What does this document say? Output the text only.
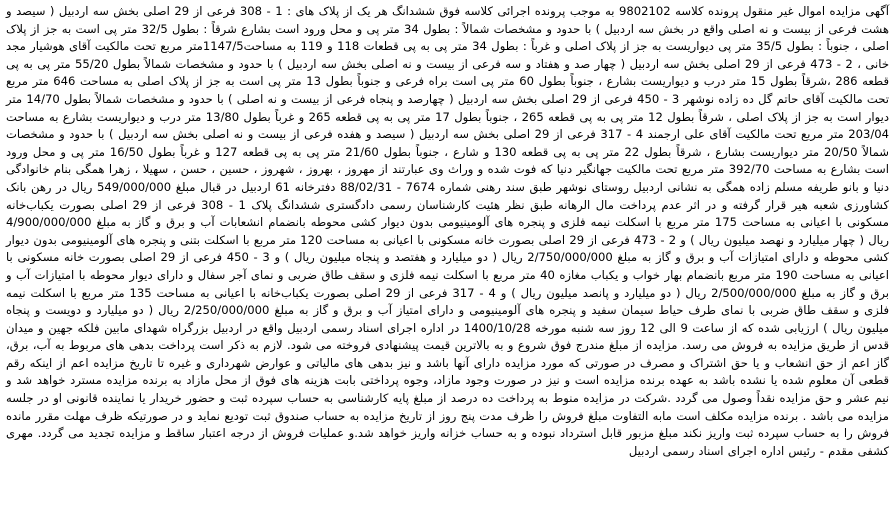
آگهی مزایده اموال غیر منقول پرونده کلاسه 9802102 به موجب پرونده اجرائی کلاسه فوق ششدانگ هر یک از پلاک های : 1 - 308 فرعی از 29 اصلی بخش سه اردبیل ( سیصد و هشت فرعی از بیست و نه اصلی واقع در بخش سه اردبیل ) با حدود و مشخصات شمالاً : بطول 34 متر پی و محل ورود است بشارع شرقاً : بطول 32/5 متر پی است به جز از پلاک اصلی ، جنوباً : بطول 35/5 متر پی دیواریست به جز از پلاک اصلی و غرباً : بطول 34 متر پی به پی قطعات 118 و 119 به مساحت1147/5متر مربع تحت مالکیت آقای هوشیار مجد خانی ، 2 - 473 فرعی از 29 اصلی بخش سه اردبیل ( چهار صد و هفتاد و سه فرعی از بیست و نه اصلی بخش سه اردبیل ) با حدود و مشخصات شمالاً بطول 55/20 متر پی به پی قطعه 286 ،شرقاً بطول 15 متر درب و دیواریست بشارع ، جنوباً بطول 60 متر پی است براه فرعی و جنوباً بطول 13 متر پی است به جز از پلاک اصلی به مساحت 646 متر مربع تحت مالکیت آقای حاتم گل ده زاده نوشهر 3 - 450 فرعی از 29 اصلی بخش سه اردبیل ( چهارصد و پنجاه فرعی از بیست و نه اصلی ) با حدود و مشخصات شمالاً بطول 14/70 متر دیوار است به جز از پلاک اصلی ، شرقاً بطول 12 متر پی به پی قطعه 265 ، جنوباً بطول 17 متر پی به پی قطعه 265 و غرباً بطول 13/80 متر درب و دیواریست بشارع به مساحت 203/04 متر مربع تحت مالکیت آقای علی ارجمند 4 - 317 فرعی از 29 اصلی بخش سه اردبیل ( سیصد و هفده فرعی از بیست و نه اصلی بخش سه اردبیل ) با حدود و مشخصات شمالاً 20/50 متر دیواریست بشارع ، شرقاً بطول 22 متر پی به پی قطعه 130 و شارع ، جنوباً بطول 21/60 متر پی به پی قطعه 127 و غرباً بطول 16/50 متر پی و محل ورود است بشارع به مساحت 392/70 متر مربع تحت مالکیت جهانگیر دنیا که فوت شده و وراث وی عبارتند از مهروز ، بهروز ، شهروز ، حسین ، حسن ، سهیلا ، زهرا همگی بنام خانوادگی دنیا و بانو طریفه مسلم زاده همگی به نشانی اردبیل روستای نوشهر طبق سند رهنی شماره 7674 - 88/02/31 دفترخانه 61 اردبیل در قبال مبلغ 549/000/000 ریال در رهن بانک کشاورزی شعبه هیر قرار گرفته و در اثر عدم پرداخت مال الرهانه طبق نظر هئیت کارشناسان رسمی دادگستری ششدانگ پلاک 1 - 308 فرعی از 29 اصلی بصورت یکباب‌خانه مسکونی با اعیانی به مساحت 175 متر مربع با اسکلت نیمه فلزی و پنجره های آلومینیومی بدون دیوار کشی محوطه بانضمام انشعابات آب و برق و گاز به مبلغ 4/900/000/000 ریال ( چهار میلیارد و نهصد میلیون ریال ) و 2 - 473 فرعی از 29 اصلی بصورت خانه مسکونی با اعیانی به مساحت 120 متر مربع با اسکلت بتنی و پنجره های آلومینیومی بدون دیوار کشی محوطه و دارای امتیازات آب و برق و گاز به مبلغ 2/750/000/000 ریال ( دو میلیارد و هفتصد و پنجاه میلیون ریال ) و 3 - 450 فرعی از 29 اصلی بصورت خانه مسکونی با اعیانی به مساحت 190 متر مربع بانضمام بهار خواب و یکباب مغازه 40 متر مربع با اسکلت نیمه فلزی و سقف طاق ضربی و نمای آجر سفال و دارای دیوار محوطه با امتیازات آب و برق و گاز به مبلغ 2/500/000/000 ریال ( دو میلیارد و پانصد میلیون ریال ) و 4 - 317 فرعی از 29 اصلی بصورت یکباب‌خانه با اعیانی به مساحت 135 متر مربع با اسکلت نیمه فلزی و سقف طاق ضربی با نمای طرف حیاط سیمان سفید و پنجره های آلومینیومی و دارای امتیاز آب و برق و گاز به مبلغ 2/250/000/000 ریال ( دو میلیارد و دویست و پنجاه میلیون ریال ) ارزیابی شده که از ساعت 9 الی 12 روز سه شنبه مورخه 1400/10/28 در اداره اجرای اسناد رسمی اردبیل واقع در اردبیل بزرگراه شهدای مابین فلکه جهین و میدان قدس از طریق مزایده به فروش می رسد. مزایده از مبلغ مندرج فوق شروع و به بالاترین قیمت پیشنهادی فروخته می شود. لازم به ذکر است پرداخت بدهی های مربوط به آب، برق، گاز اعم از حق انشعاب و یا حق اشتراک و مصرف در صورتی که مورد مزایده دارای آنها باشد و نیز بدهی های مالیاتی و عوارض شهرداری و غیره تا تاریخ مزایده اعم از اینکه رقم قطعی آن معلوم شده یا نشده باشد به عهده برنده مزایده است و نیز در صورت وجود مازاد، وجوه پرداختی بابت هزینه های فوق از محل مازاد به برنده مزایده مسترد خواهد شد و نیم عشر و حق مزایده نقداً وصول می گردد .شرکت در مزایده منوط به پرداخت ده درصد از مبلغ پایه کارشناسی به حساب سپرده ثبت و حضور خریدار یا نماینده قانونی او در جلسه مزایده می باشد . برنده مزایده مکلف است مابه التفاوت مبلغ فروش را ظرف مدت پنج روز از تاریخ مزایده به حساب صندوق ثبت تودیع نماید و در صورتیکه ظرف مهلت مقرر مانده فروش را به حساب سپرده ثبت واریز نکند مبلغ مزبور قابل استرداد نبوده و به حساب خزانه واریز خواهد شد.و عملیات فروش از درجه اعتبار ساقط و مزایده تجدید می گردد. مهری کشفی مقدم - رئیس اداره اجرای اسناد رسمی اردبیل
